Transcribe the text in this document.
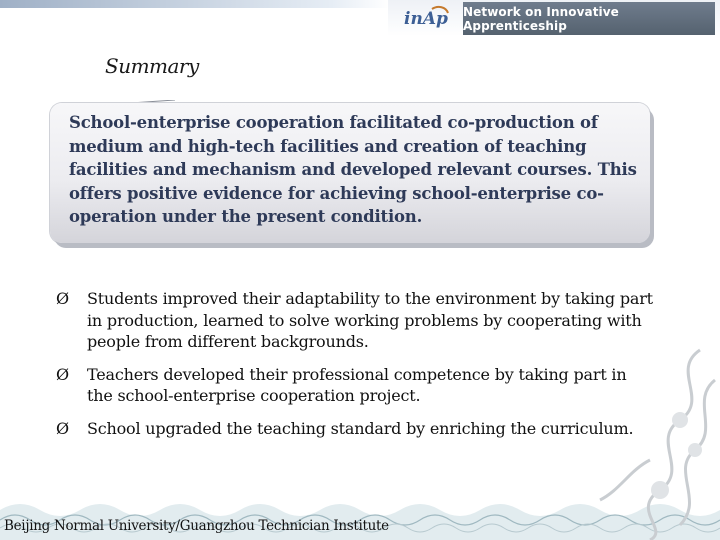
inAp Network on Innovative Apprenticeship
Summary

School-enterprise cooperation facilitated co-production of medium and high-tech facilities and creation of teaching facilities and mechanism and developed relevant courses. This offers positive evidence for achieving school-enterprise co-operation under the present condition.

Ø Students improved their adaptability to the environment by taking part in production, learned to solve working problems by cooperating with people from different backgrounds.
Ø Teachers developed their professional competence by taking part in the school-enterprise cooperation project.
Ø School upgraded the teaching standard by enriching the curriculum.
Beijing Normal University/Guangzhou Technician Institute
